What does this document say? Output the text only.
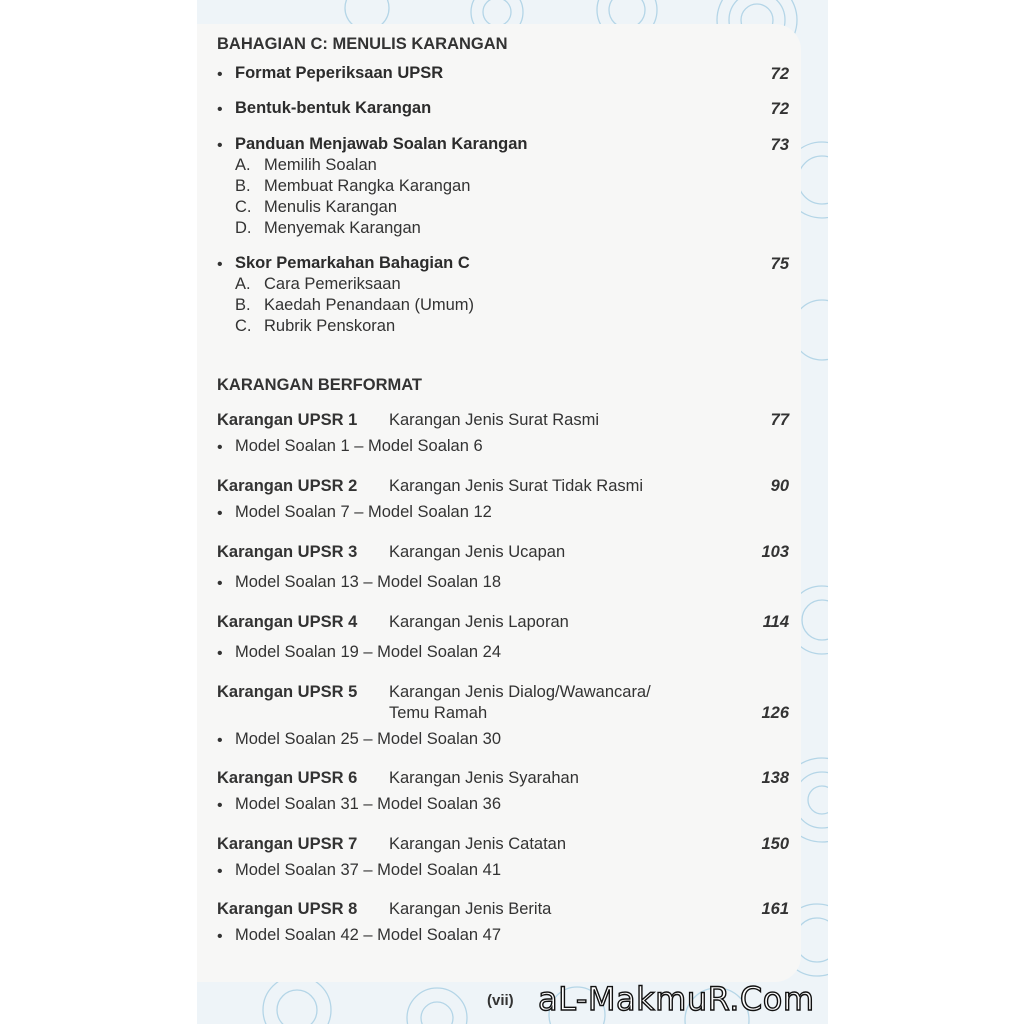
BAHAGIAN C: MENULIS KARANGAN
• Format Peperiksaan UPSR	72
• Bentuk-bentuk Karangan	72
• Panduan Menjawab Soalan Karangan	73
A. Memilih Soalan
B. Membuat Rangka Karangan
C. Menulis Karangan
D. Menyemak Karangan
• Skor Pemarkahan Bahagian C	75
A. Cara Pemeriksaan
B. Kaedah Penandaan (Umum)
C. Rubrik Penskoran
KARANGAN BERFORMAT
Karangan UPSR 1 Karangan Jenis Surat Rasmi	77
• Model Soalan 1 – Model Soalan 6
Karangan UPSR 2 Karangan Jenis Surat Tidak Rasmi	90
• Model Soalan 7 – Model Soalan 12
Karangan UPSR 3 Karangan Jenis Ucapan	103
• Model Soalan 13 – Model Soalan 18
Karangan UPSR 4 Karangan Jenis Laporan	114
• Model Soalan 19 – Model Soalan 24
Karangan UPSR 5 Karangan Jenis Dialog/Wawancara/
Temu Ramah	126
• Model Soalan 25 – Model Soalan 30
Karangan UPSR 6 Karangan Jenis Syarahan	138
• Model Soalan 31 – Model Soalan 36
Karangan UPSR 7 Karangan Jenis Catatan	150
• Model Soalan 37 – Model Soalan 41
Karangan UPSR 8 Karangan Jenis Berita	161
• Model Soalan 42 – Model Soalan 47
(vii) aL-MakmuR.Com
